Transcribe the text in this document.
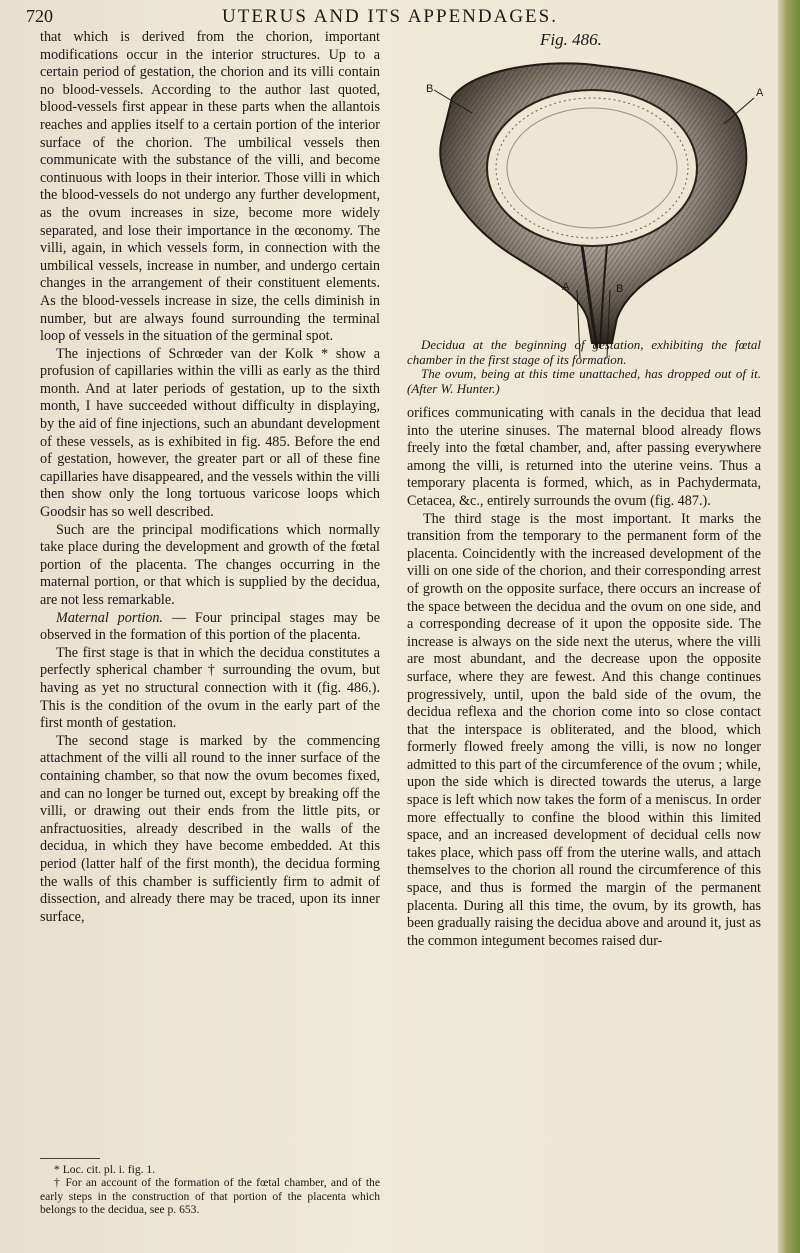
720	UTERUS AND ITS APPENDAGES.

that which is derived from the chorion, important modifications occur in the interior structures. Up to a certain period of gestation, the chorion and its villi contain no blood-vessels. According to the author last quoted, blood-vessels first appear in these parts when the allantois reaches and applies itself to a certain portion of the interior surface of the chorion. The umbilical vessels then communicate with the substance of the villi, and become continuous with loops in their interior. Those villi in which the blood-vessels do not undergo any further development, as the ovum increases in size, become more widely separated, and lose their importance in the œconomy. The villi, again, in which vessels form, in connection with the umbilical vessels, increase in number, and undergo certain changes in the arrangement of their constituent elements. As the blood-vessels increase in size, the cells diminish in number, but are always found surrounding the terminal loop of vessels in the situation of the germinal spot.

The injections of Schrœder van der Kolk * show a profusion of capillaries within the villi as early as the third month. And at later periods of gestation, up to the sixth month, I have succeeded without difficulty in displaying, by the aid of fine injections, such an abundant development of these vessels, as is exhibited in fig. 485. Before the end of gestation, however, the greater part or all of these fine capillaries have disappeared, and the vessels within the villi then show only the long tortuous varicose loops which Goodsir has so well described.

Such are the principal modifications which normally take place during the development and growth of the fœtal portion of the placenta. The changes occurring in the maternal portion, or that which is supplied by the decidua, are not less remarkable.

Maternal portion. — Four principal stages may be observed in the formation of this portion of the placenta.

The first stage is that in which the decidua constitutes a perfectly spherical chamber † surrounding the ovum, but having as yet no structural connection with it (fig. 486.). This is the condition of the ovum in the early part of the first month of gestation.

The second stage is marked by the commencing attachment of the villi all round to the inner surface of the containing chamber, so that now the ovum becomes fixed, and can no longer be turned out, except by breaking off the villi, or drawing out their ends from the little pits, or anfractuosities, already described in the walls of the decidua, in which they have become embedded. At this period (latter half of the first month), the decidua forming the walls of this chamber is sufficiently firm to admit of dissection, and already there may be traced, upon its inner surface,

* Loc. cit. pl. i. fig. 1.

† For an account of the formation of the fœtal chamber, and of the early steps in the construction of that portion of the placenta which belongs to the decidua, see p. 653.

Fig. 486.
B	A
A	B

Decidua at the beginning of gestation, exhibiting the fœtal chamber in the first stage of its formation.

The ovum, being at this time unattached, has dropped out of it. (After W. Hunter.)

orifices communicating with canals in the decidua that lead into the uterine sinuses. The maternal blood already flows freely into the fœtal chamber, and, after passing everywhere among the villi, is returned into the uterine veins. Thus a temporary placenta is formed, which, as in Pachydermata, Cetacea, &c., entirely surrounds the ovum (fig. 487.).

The third stage is the most important. It marks the transition from the temporary to the permanent form of the placenta. Coincidently with the increased development of the villi on one side of the chorion, and their corresponding arrest of growth on the opposite surface, there occurs an increase of the space between the decidua and the ovum on one side, and a corresponding decrease of it upon the opposite side. The increase is always on the side next the uterus, where the villi are most abundant, and the decrease upon the opposite surface, where they are fewest. And this change continues progressively, until, upon the bald side of the ovum, the decidua reflexa and the chorion come into so close contact that the interspace is obliterated, and the blood, which formerly flowed freely among the villi, is now no longer admitted to this part of the circumference of the ovum ; while, upon the side which is directed towards the uterus, a large space is left which now takes the form of a meniscus. In order more effectually to confine the blood within this limited space, and an increased development of decidual cells now takes place, which pass off from the uterine walls, and attach themselves to the chorion all round the circumference of this space, and thus is formed the margin of the permanent placenta. During all this time, the ovum, by its growth, has been gradually raising the decidua above and around it, just as the common integument becomes raised dur-
